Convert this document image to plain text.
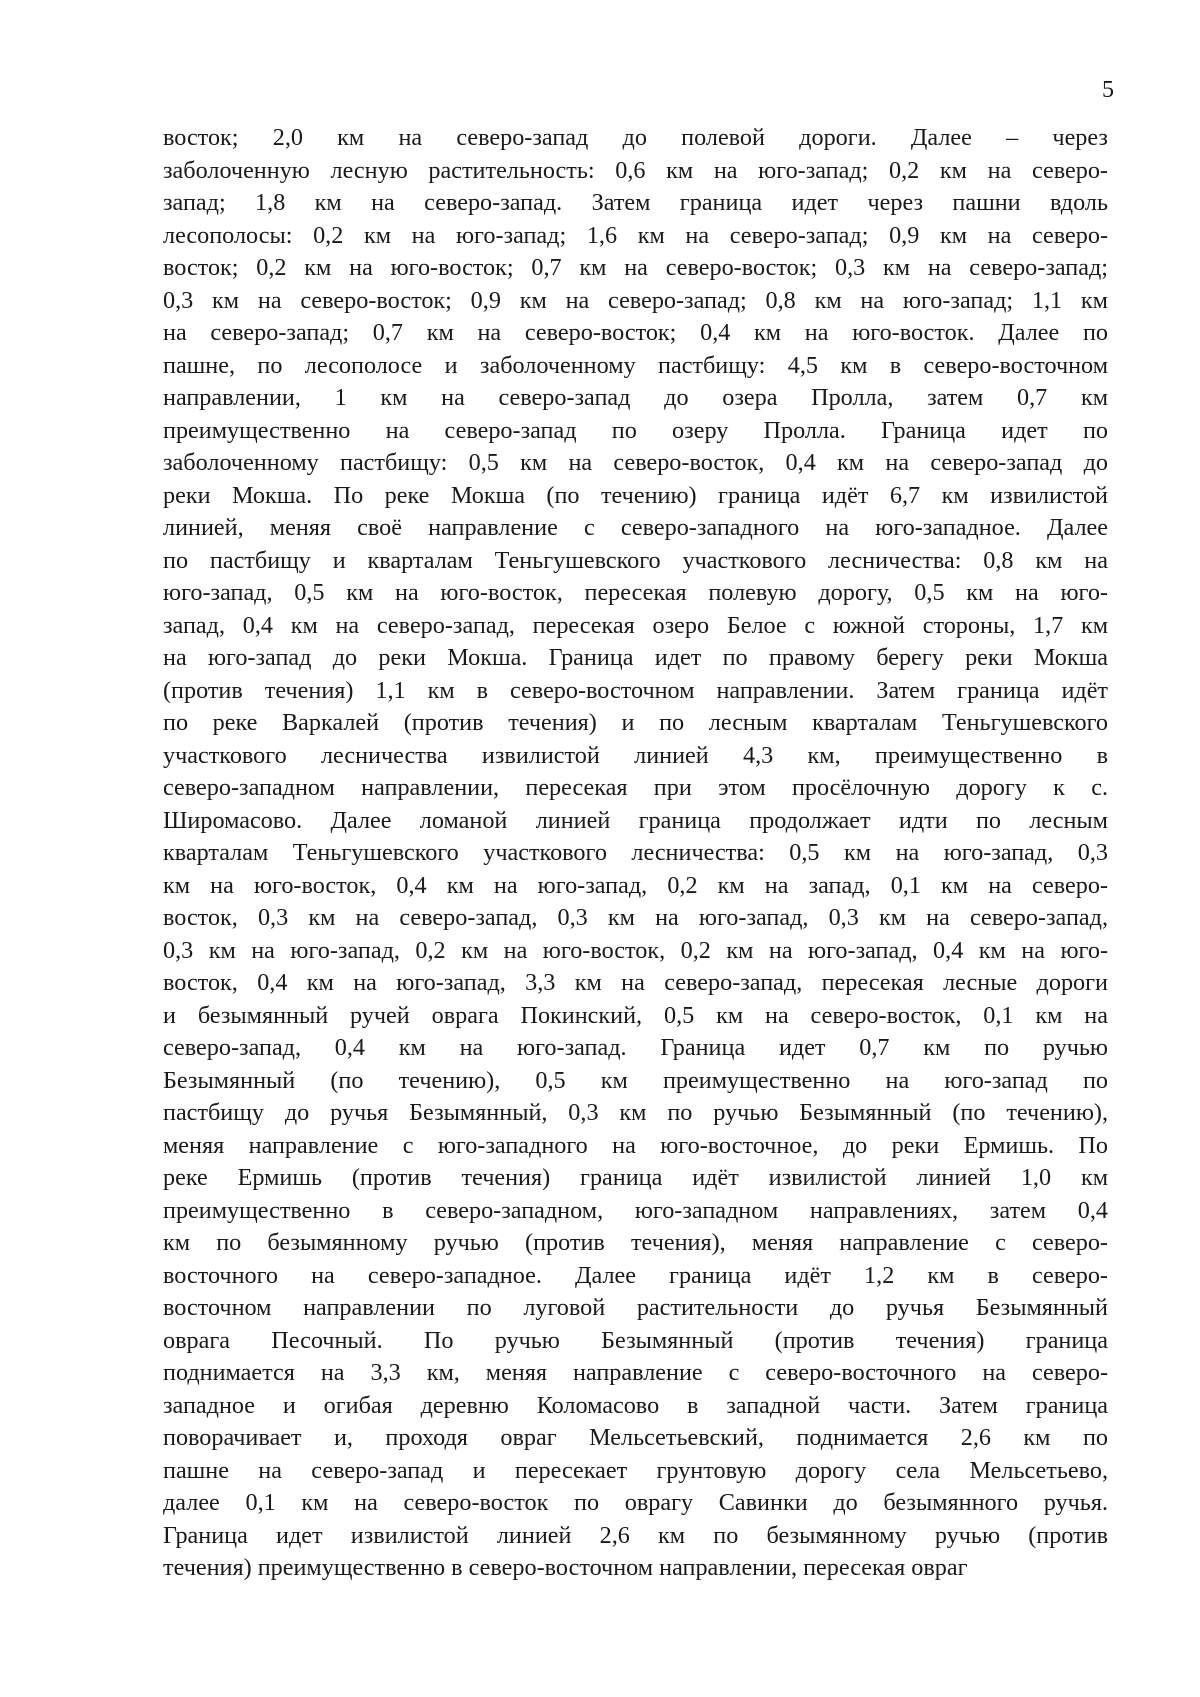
5
восток; 2,0 км на северо-запад до полевой дороги. Далее – через
заболоченную лесную растительность: 0,6 км на юго-запад; 0,2 км на северо-
запад; 1,8 км на северо-запад. Затем граница идет через пашни вдоль
лесополосы: 0,2 км на юго-запад; 1,6 км на северо-запад; 0,9 км на северо-
восток; 0,2 км на юго-восток; 0,7 км на северо-восток; 0,3 км на северо-запад;
0,3 км на северо-восток; 0,9 км на северо-запад; 0,8 км на юго-запад; 1,1 км
на северо-запад; 0,7 км на северо-восток; 0,4 км на юго-восток. Далее по
пашне, по лесополосе и заболоченному пастбищу: 4,5 км в северо-восточном
направлении, 1 км на северо-запад до озера Пролла, затем 0,7 км
преимущественно на северо-запад по озеру Пролла. Граница идет по
заболоченному пастбищу: 0,5 км на северо-восток, 0,4 км на северо-запад до
реки Мокша. По реке Мокша (по течению) граница идёт 6,7 км извилистой
линией, меняя своё направление с северо-западного на юго-западное. Далее
по пастбищу и кварталам Теньгушевского участкового лесничества: 0,8 км на
юго-запад, 0,5 км на юго-восток, пересекая полевую дорогу, 0,5 км на юго-
запад, 0,4 км на северо-запад, пересекая озеро Белое с южной стороны, 1,7 км
на юго-запад до реки Мокша. Граница идет по правому берегу реки Мокша
(против течения) 1,1 км в северо-восточном направлении. Затем граница идёт
по реке Варкалей (против течения) и по лесным кварталам Теньгушевского
участкового лесничества извилистой линией 4,3 км, преимущественно в
северо-западном направлении, пересекая при этом просёлочную дорогу к с.
Широмасово. Далее ломаной линией граница продолжает идти по лесным
кварталам Теньгушевского участкового лесничества: 0,5 км на юго-запад, 0,3
км на юго-восток, 0,4 км на юго-запад, 0,2 км на запад, 0,1 км на северо-
восток, 0,3 км на северо-запад, 0,3 км на юго-запад, 0,3 км на северо-запад,
0,3 км на юго-запад, 0,2 км на юго-восток, 0,2 км на юго-запад, 0,4 км на юго-
восток, 0,4 км на юго-запад, 3,3 км на северо-запад, пересекая лесные дороги
и безымянный ручей оврага Покинский, 0,5 км на северо-восток, 0,1 км на
северо-запад, 0,4 км на юго-запад. Граница идет 0,7 км по ручью
Безымянный (по течению), 0,5 км преимущественно на юго-запад по
пастбищу до ручья Безымянный, 0,3 км по ручью Безымянный (по течению),
меняя направление с юго-западного на юго-восточное, до реки Ермишь. По
реке Ермишь (против течения) граница идёт извилистой линией 1,0 км
преимущественно в северо-западном, юго-западном направлениях, затем 0,4
км по безымянному ручью (против течения), меняя направление с северо-
восточного на северо-западное. Далее граница идёт 1,2 км в северо-
восточном направлении по луговой растительности до ручья Безымянный
оврага Песочный. По ручью Безымянный (против течения) граница
поднимается на 3,3 км, меняя направление с северо-восточного на северо-
западное и огибая деревню Коломасово в западной части. Затем граница
поворачивает и, проходя овраг Мельсетьевский, поднимается 2,6 км по
пашне на северо-запад и пересекает грунтовую дорогу села Мельсетьево,
далее 0,1 км на северо-восток по оврагу Савинки до безымянного ручья.
Граница идет извилистой линией 2,6 км по безымянному ручью (против
течения) преимущественно в северо-восточном направлении, пересекая овраг
